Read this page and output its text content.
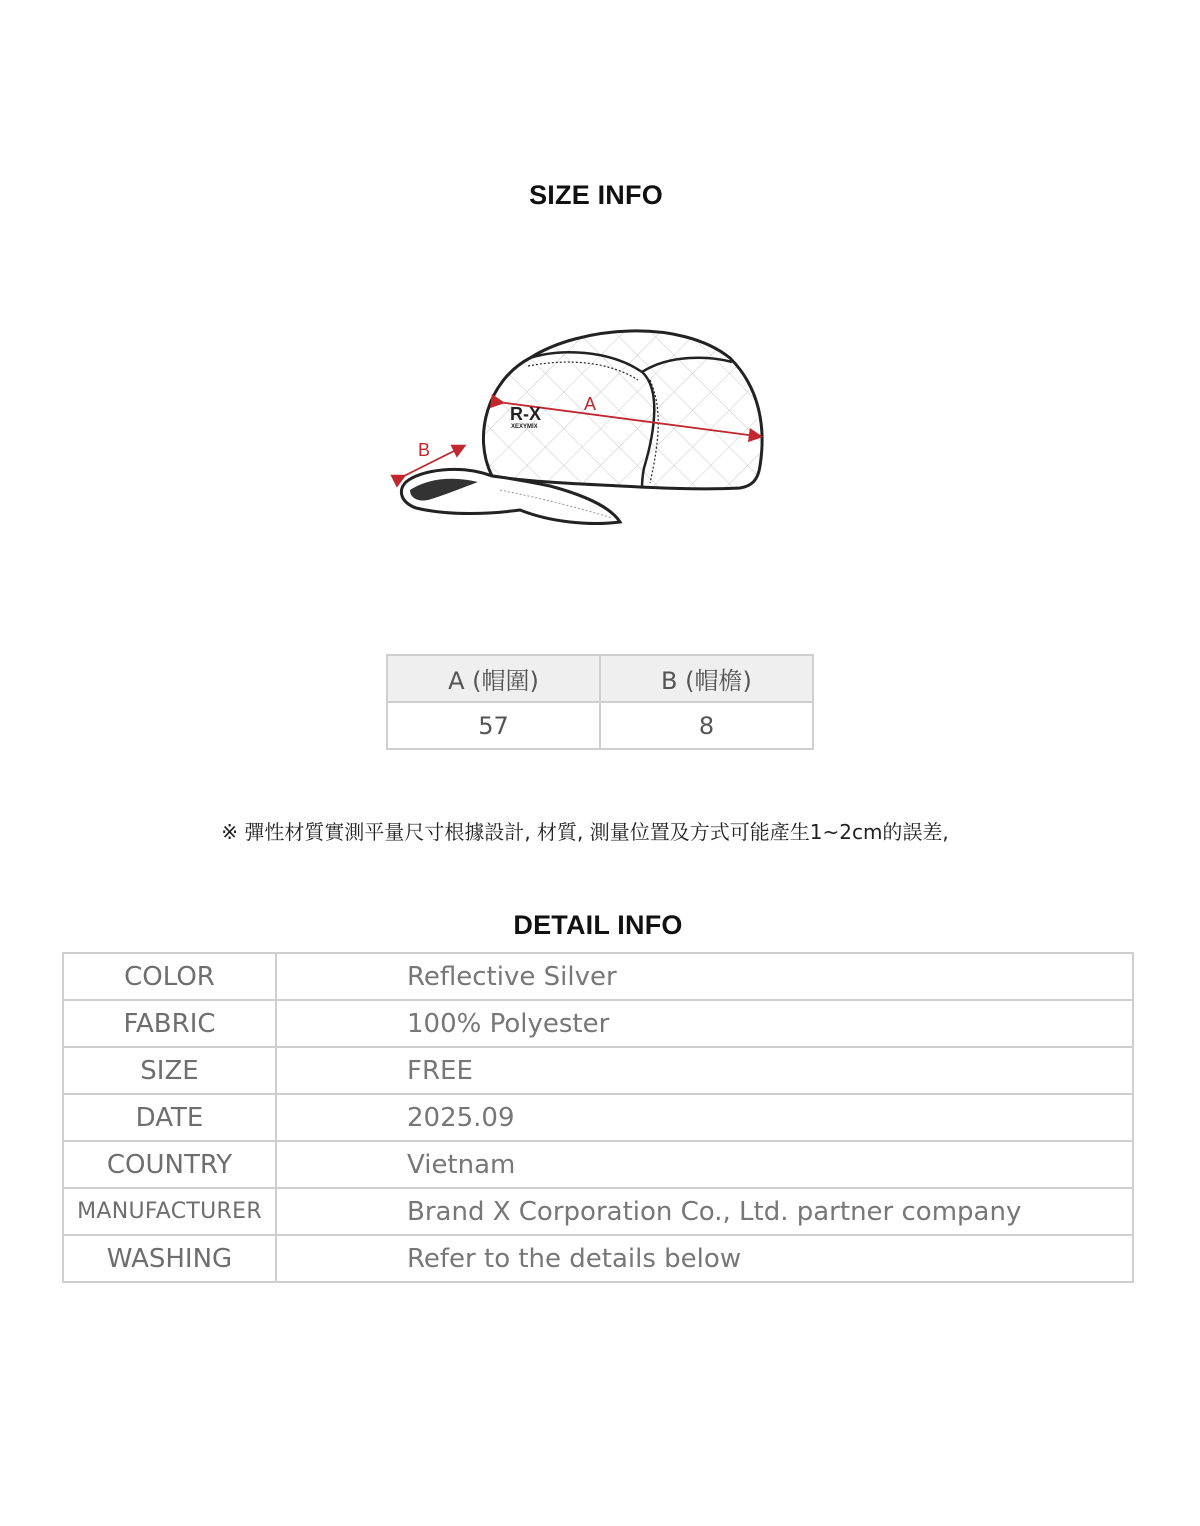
SIZE INFO
A
B
R-X
XEXYMIX
A (帽圍)	B (帽檐)
57	8
※ 彈性材質實測平量尺寸根據設計, 材質, 測量位置及方式可能產生1~2cm的誤差,
DETAIL INFO
COLOR	Reflective Silver
FABRIC	100% Polyester
SIZE	FREE
DATE	2025.09
COUNTRY	Vietnam
MANUFACTURER	Brand X Corporation Co., Ltd. partner company
WASHING	Refer to the details below
